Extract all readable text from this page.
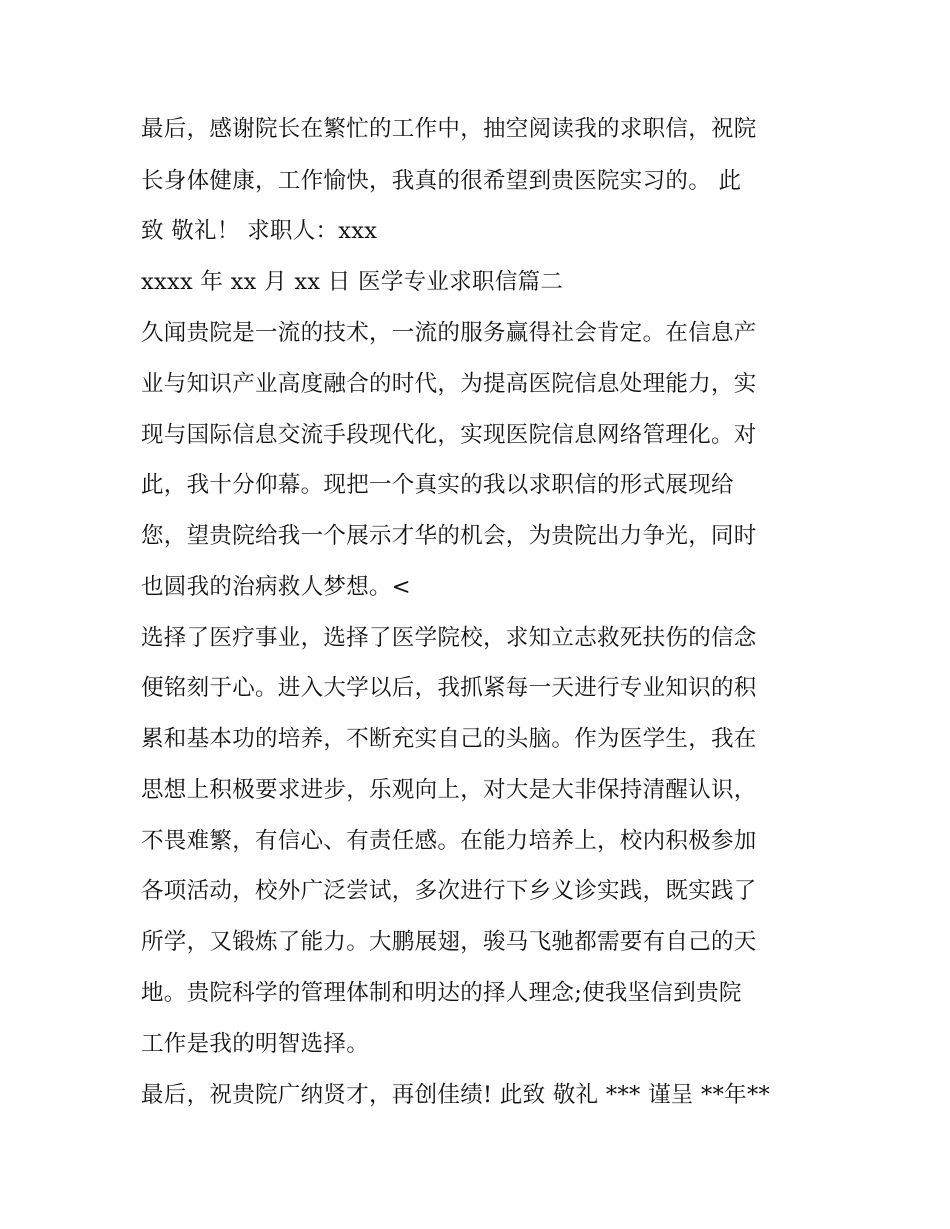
最后，感谢院长在繁忙的工作中，抽空阅读我的求职信，祝院
长身体健康，工作愉快，我真的很希望到贵医院实习的。 此
致 敬礼！ 求职人：xxx
xxxx 年 xx 月 xx 日 医学专业求职信篇二
久闻贵院是一流的技术，一流的服务赢得社会肯定。在信息产
业与知识产业高度融合的时代，为提高医院信息处理能力，实
现与国际信息交流手段现代化，实现医院信息网络管理化。对
此，我十分仰幕。现把一个真实的我以求职信的形式展现给
您，望贵院给我一个展示才华的机会，为贵院出力争光，同时
也圆我的治病救人梦想。<
选择了医疗事业，选择了医学院校，求知立志救死扶伤的信念
便铭刻于心。进入大学以后，我抓紧每一天进行专业知识的积
累和基本功的培养，不断充实自己的头脑。作为医学生，我在
思想上积极要求进步，乐观向上，对大是大非保持清醒认识，
不畏难繁，有信心、有责任感。在能力培养上，校内积极参加
各项活动，校外广泛尝试，多次进行下乡义诊实践，既实践了
所学，又锻炼了能力。大鹏展翅，骏马飞驰都需要有自己的天
地。贵院科学的管理体制和明达的择人理念;使我坚信到贵院
工作是我的明智选择。
最后，祝贵院广纳贤才，再创佳绩! 此致 敬礼 *** 谨呈 **年**
